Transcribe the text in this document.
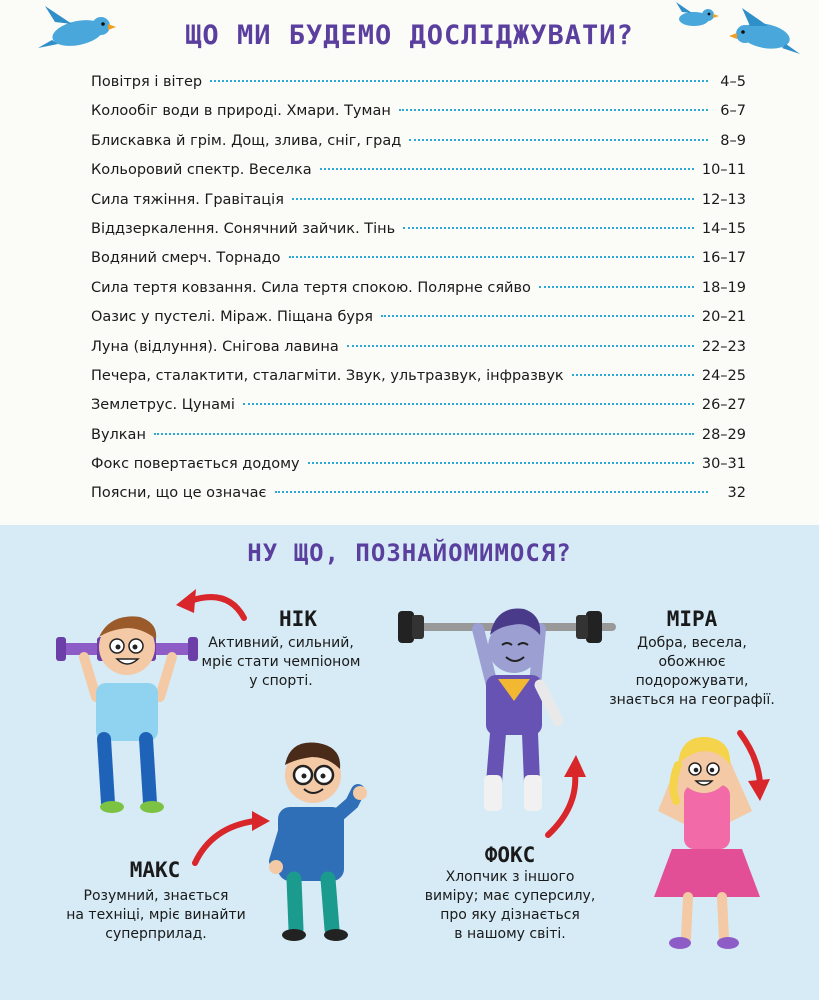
ЩО МИ БУДЕМО ДОСЛІДЖУВАТИ?
Повітря і вітер	4–5
Колообіг води в природі. Хмари. Туман	6–7
Блискавка й грім. Дощ, злива, сніг, град	8–9
Кольоровий спектр. Веселка	10–11
Сила тяжіння. Гравітація	12–13
Віддзеркалення. Сонячний зайчик. Тінь	14–15
Водяний смерч. Торнадо	16–17
Сила тертя ковзання. Сила тертя спокою. Полярне сяйво	18–19
Оазис у пустелі. Міраж. Піщана буря	20–21
Луна (відлуння). Снігова лавина	22–23
Печера, сталактити, сталагміти. Звук, ультразвук, інфразвук	24–25
Землетрус. Цунамі	26–27
Вулкан	28–29
Фокс повертається додому	30–31
Поясни, що це означає	32
НУ ЩО, ПОЗНАЙОМИМОСЯ?
НІК
Активний, сильний,
мріє стати чемпіоном
у спорті.
МІРА
Добра, весела,
обожнює
подорожувати,
знається на географії.
МАКС
Розумний, знається
на техніці, мріє винайти
суперприлад.
ФОКС
Хлопчик з іншого
виміру; має суперсилу,
про яку дізнається
в нашому світі.
